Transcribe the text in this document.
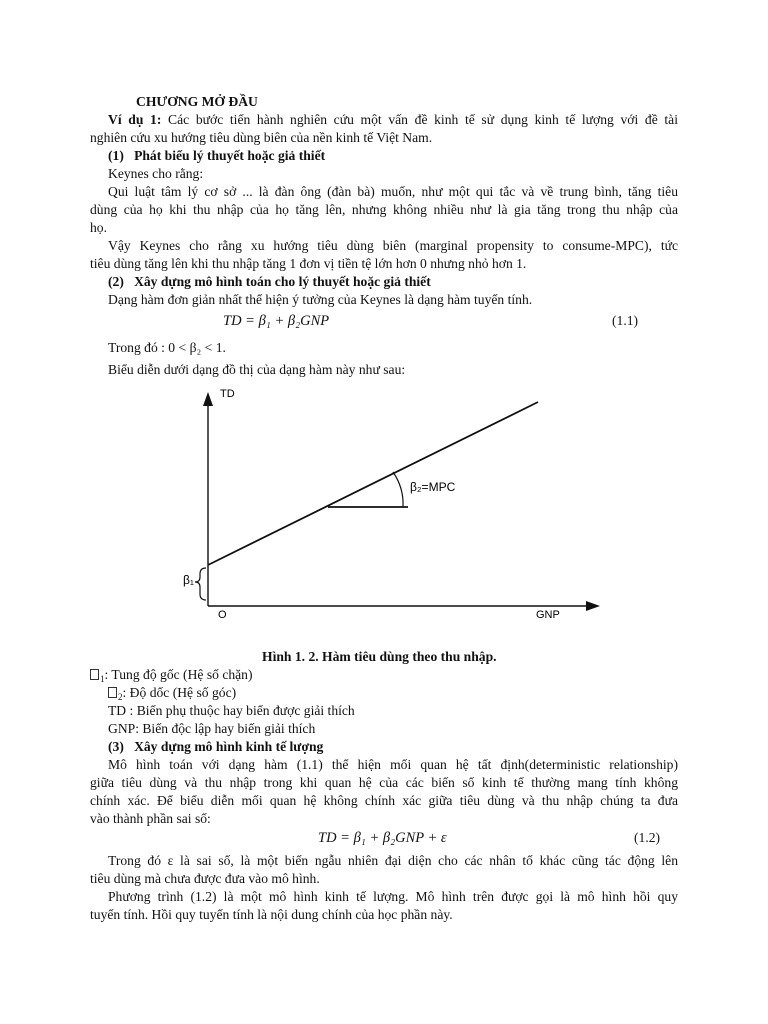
CHƯƠNG MỞ ĐẦU
Ví dụ 1: Các bước tiến hành nghiên cứu một vấn đề kinh tế sử dụng kinh tế lượng với đề tài
nghiên cứu xu hướng tiêu dùng biên của nền kinh tế Việt Nam.
(1) Phát biểu lý thuyết hoặc giả thiết
Keynes cho rằng:
Qui luật tâm lý cơ sở ... là đàn ông (đàn bà) muốn, như một qui tắc và về trung bình, tăng tiêu
dùng của họ khi thu nhập của họ tăng lên, nhưng không nhiều như là gia tăng trong thu nhập của
họ.
Vậy Keynes cho rằng xu hướng tiêu dùng biên (marginal propensity to consume-MPC), tức
tiêu dùng tăng lên khi thu nhập tăng 1 đơn vị tiền tệ lớn hơn 0 nhưng nhỏ hơn 1.
(2) Xây dựng mô hình toán cho lý thuyết hoặc giả thiết
Dạng hàm đơn giản nhất thể hiện ý tưởng của Keynes là dạng hàm tuyến tính.
TD = β₁ + β₂GNP	(1.1)
Trong đó : 0 < β₂ < 1.
Biểu diễn dưới dạng đồ thị của dạng hàm này như sau:
TD
GNP
O
β₁
β₂=MPC
Hình 1. 2. Hàm tiêu dùng theo thu nhập.
$_1$: Tung độ gốc (Hệ số chặn)
$_2$: Độ dốc (Hệ số góc)
TD : Biến phụ thuộc hay biến được giải thích
GNP: Biến độc lập hay biến giải thích
(3) Xây dựng mô hình kinh tế lượng
Mô hình toán với dạng hàm (1.1) thể hiện mối quan hệ tất định(deterministic relationship)
giữa tiêu dùng và thu nhập trong khi quan hệ của các biến số kinh tế thường mang tính không
chính xác. Để biểu diễn mối quan hệ không chính xác giữa tiêu dùng và thu nhập chúng ta đưa
vào thành phần sai số:
TD = β₁ + β₂GNP + ε	(1.2)
Trong đó ε là sai số, là một biến ngẫu nhiên đại diện cho các nhân tố khác cũng tác động lên
tiêu dùng mà chưa được đưa vào mô hình.
Phương trình (1.2) là một mô hình kinh tế lượng. Mô hình trên được gọi là mô hình hồi quy
tuyến tính. Hồi quy tuyến tính là nội dung chính của học phần này.
